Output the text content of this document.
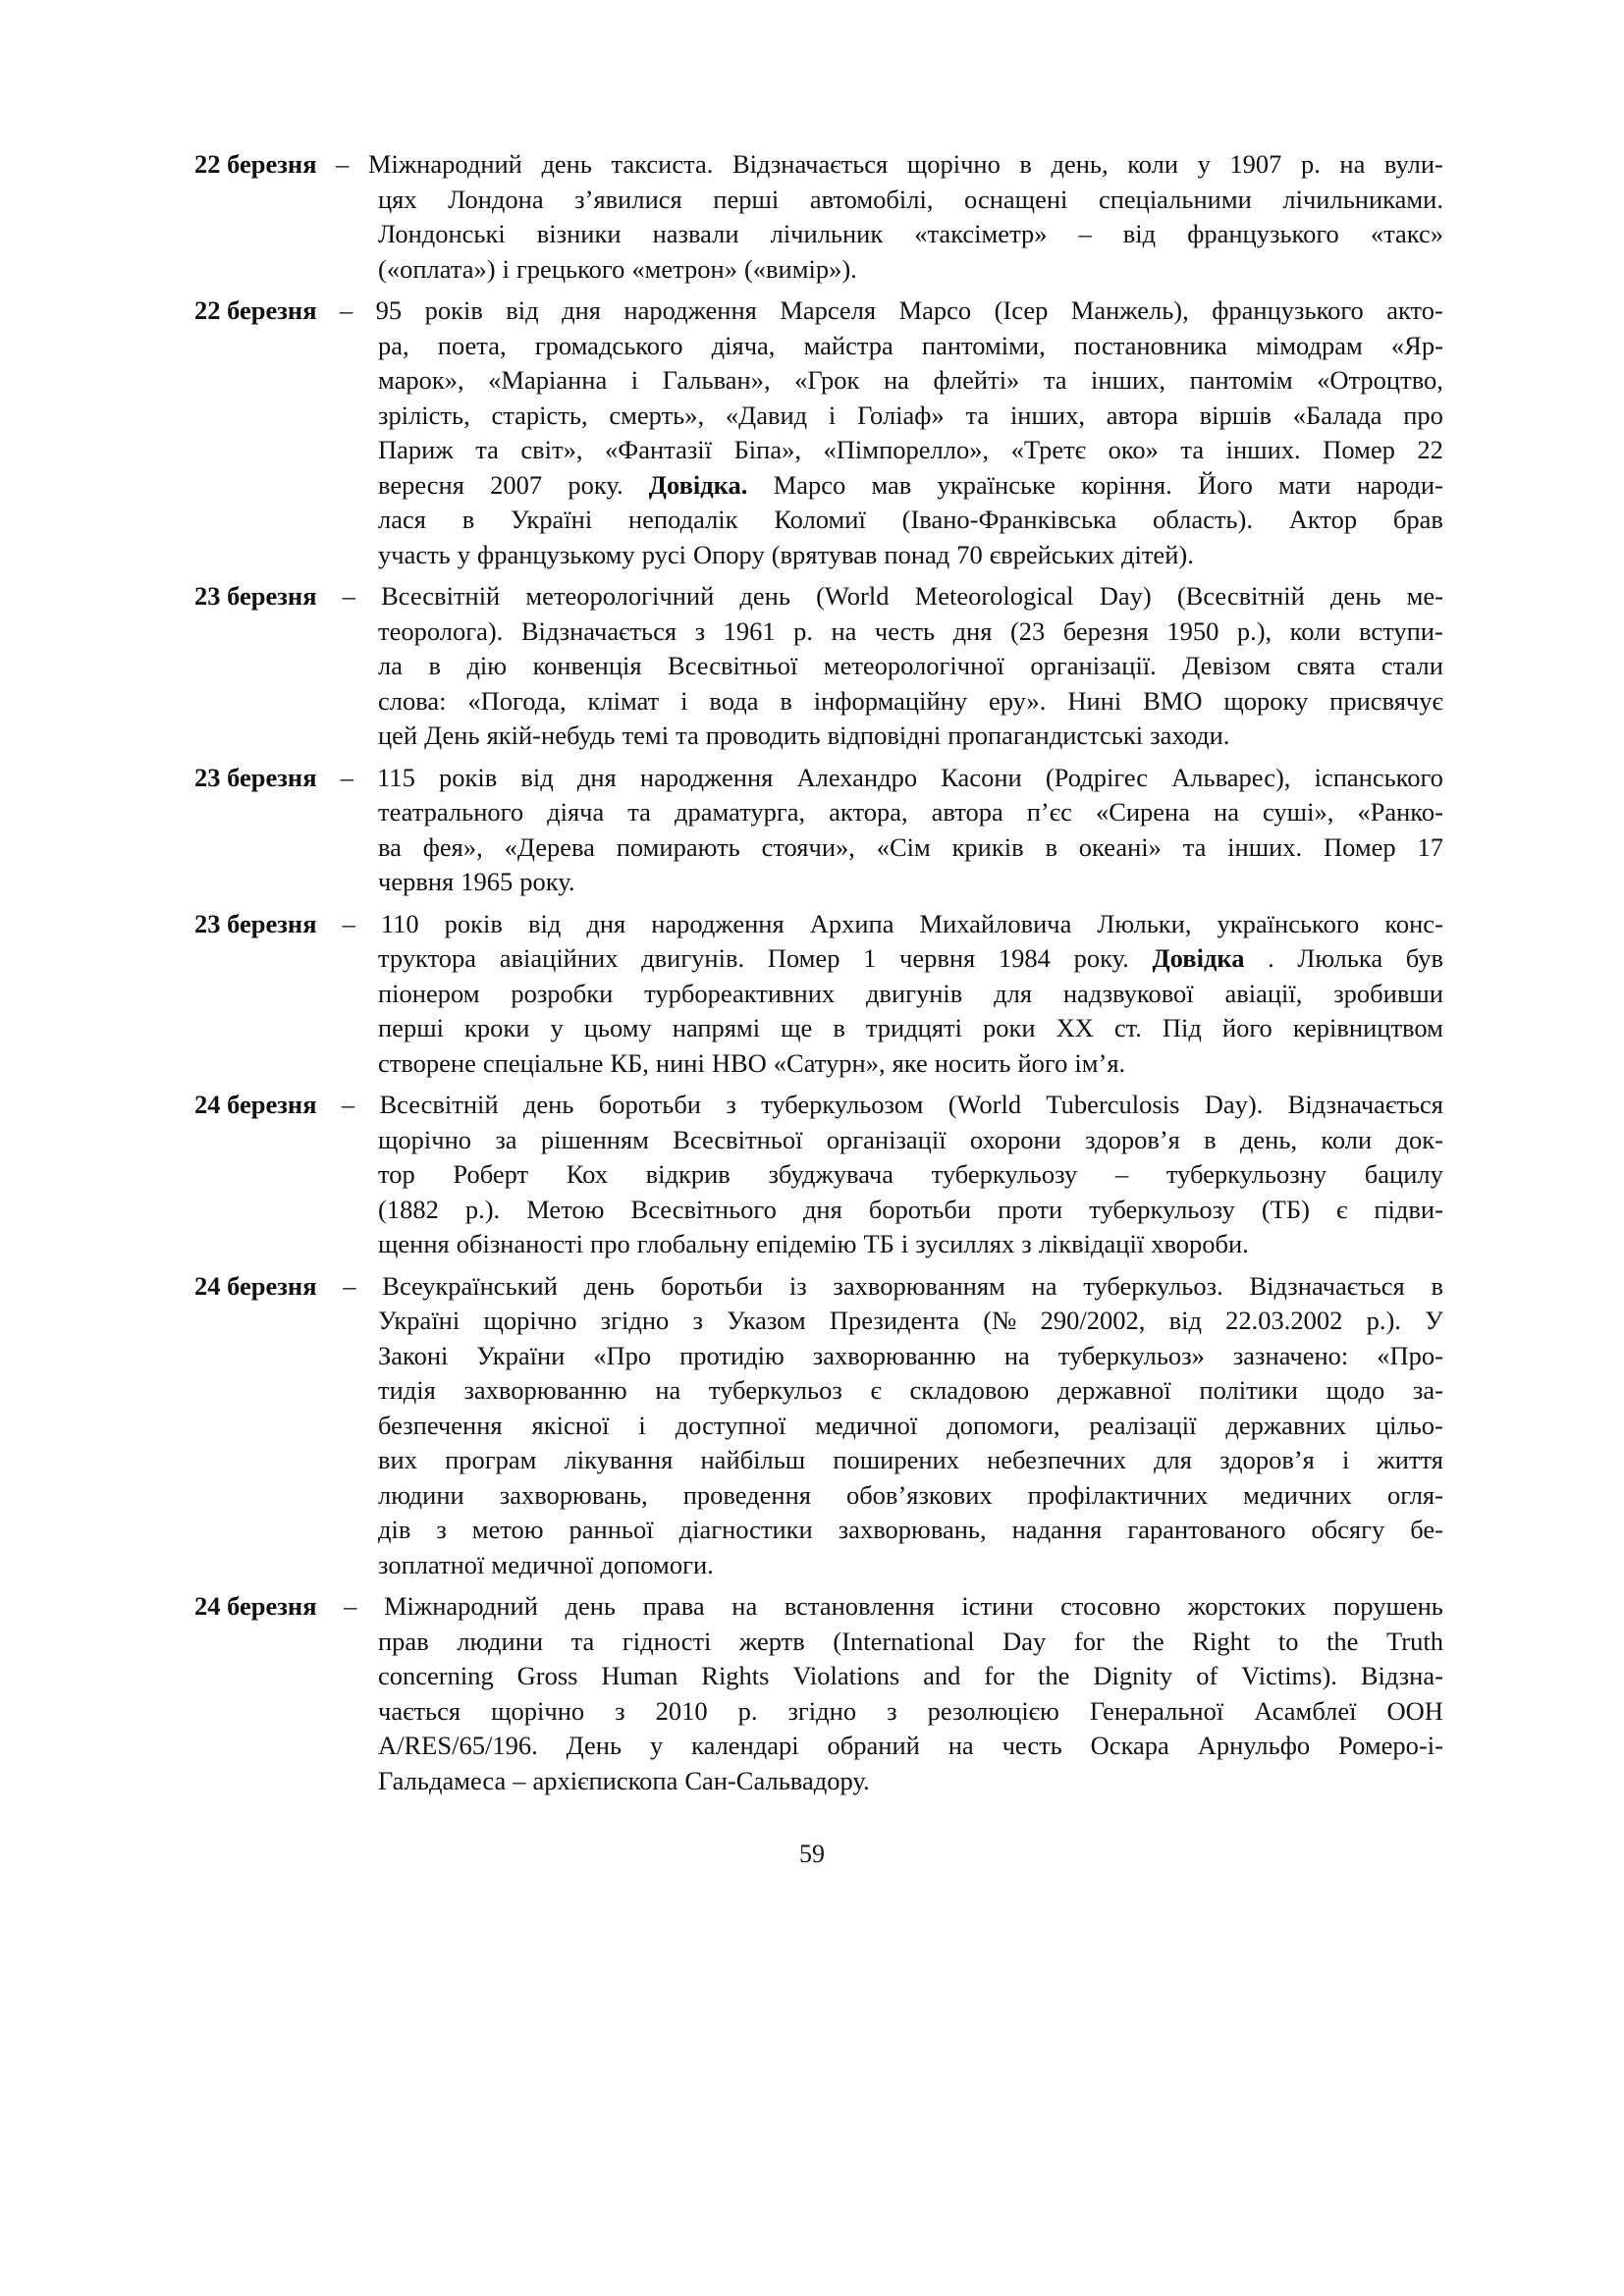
22 березня – Міжнародний день таксиста. Відзначається щорічно в день, коли у 1907 р. на вули-
цях Лондона з’явилися перші автомобілі, оснащені спеціальними лічильниками.
Лондонські візники назвали лічильник «таксіметр» – від французького «такс»
(«оплата») і грецького «метрон» («вимір»).
22 березня – 95 років від дня народження Марселя Марсо (Ісер Манжель), французького акто-
ра, поета, громадського діяча, майстра пантоміми, постановника мімодрам «Яр-
марок», «Маріанна і Гальван», «Грок на флейті» та інших, пантомім «Отроцтво,
зрілість, старість, смерть», «Давид і Голіаф» та інших, автора віршів «Балада про
Париж та світ», «Фантазії Біпа», «Пімпорелло», «Третє око» та інших. Помер 22
вересня 2007 року. Довідка. Марсо мав українське коріння. Його мати народи-
лася в Україні неподалік Коломиї (Івано-Франківська область). Актор брав
участь у французькому русі Опору (врятував понад 70 єврейських дітей).
23 березня – Всесвітній метеорологічний день (World Meteorological Day) (Всесвітній день ме-
теоролога). Відзначається з 1961 р. на честь дня (23 березня 1950 р.), коли вступи-
ла в дію конвенція Всесвітньої метеорологічної організації. Девізом свята стали
слова: «Погода, клімат і вода в інформаційну еру». Нині ВМО щороку присвячує
цей День якій-небудь темі та проводить відповідні пропагандистські заходи.
23 березня – 115 років від дня народження Алехандро Касони (Родрігес Альварес), іспанського
театрального діяча та драматурга, актора, автора п’єс «Сирена на суші», «Ранко-
ва фея», «Дерева помирають стоячи», «Сім криків в океані» та інших. Помер 17
червня 1965 року.
23 березня – 110 років від дня народження Архипа Михайловича Люльки, українського конс-
труктора авіаційних двигунів. Помер 1 червня 1984 року. Довідка . Люлька був
піонером розробки турбореактивних двигунів для надзвукової авіації, зробивши
перші кроки у цьому напрямі ще в тридцяті роки ХХ ст. Під його керівництвом
створене спеціальне КБ, нині НВО «Сатурн», яке носить його ім’я.
24 березня – Всесвітній день боротьби з туберкульозом (World Tuberculosis Day). Відзначається
щорічно за рішенням Всесвітньої організації охорони здоров’я в день, коли док-
тор Роберт Кох відкрив збуджувача туберкульозу – туберкульозну бацилу
(1882 р.). Метою Всесвітнього дня боротьби проти туберкульозу (ТБ) є підви-
щення обізнаності про глобальну епідемію ТБ і зусиллях з ліквідації хвороби.
24 березня – Всеукраїнський день боротьби із захворюванням на туберкульоз. Відзначається в
Україні щорічно згідно з Указом Президента (№ 290/2002, від 22.03.2002 р.). У
Законі України «Про протидію захворюванню на туберкульоз» зазначено: «Про-
тидія захворюванню на туберкульоз є складовою державної політики щодо за-
безпечення якісної і доступної медичної допомоги, реалізації державних цільо-
вих програм лікування найбільш поширених небезпечних для здоров’я і життя
людини захворювань, проведення обов’язкових профілактичних медичних огля-
дів з метою ранньої діагностики захворювань, надання гарантованого обсягу бе-
зоплатної медичної допомоги.
24 березня – Міжнародний день права на встановлення істини стосовно жорстоких порушень
прав людини та гідності жертв (International Day for the Right to the Truth
concerning Gross Human Rights Violations and for the Dignity of Victims). Відзна-
чається щорічно з 2010 р. згідно з резолюцією Генеральної Асамблеї ООН
A/RES/65/196. День у календарі обраний на честь Оскара Арнульфо Ромеро-і-
Гальдамеса – архієпископа Сан-Сальвадору.
59
